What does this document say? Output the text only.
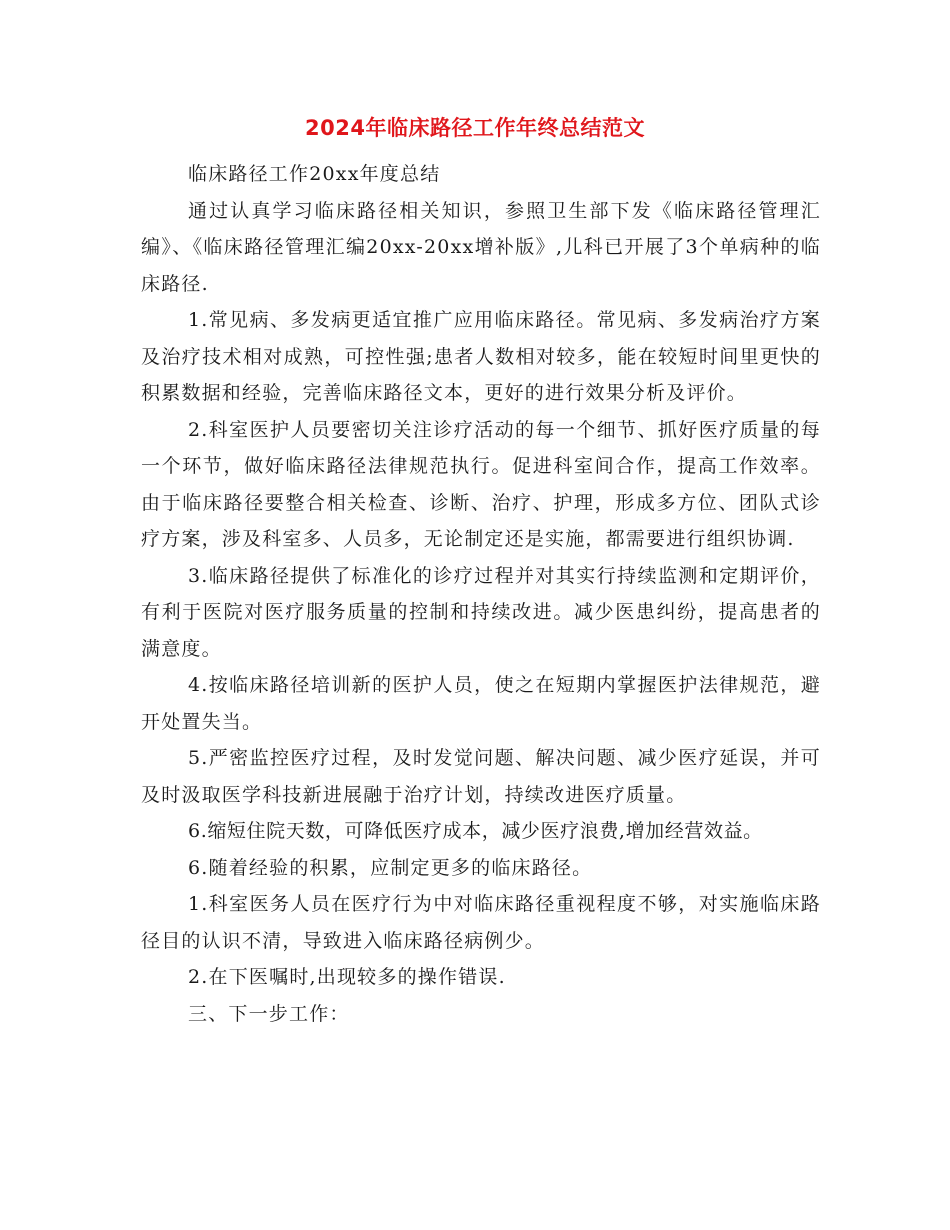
2024年临床路径工作年终总结范文

临床路径工作20xx年度总结

通过认真学习临床路径相关知识，参照卫生部下发《临床路径管理汇编》、《临床路径管理汇编20xx-20xx增补版》,儿科已开展了3个单病种的临床路径.

1.常见病、多发病更适宜推广应用临床路径。常见病、多发病治疗方案及治疗技术相对成熟，可控性强;患者人数相对较多，能在较短时间里更快的积累数据和经验，完善临床路径文本，更好的进行效果分析及评价。

2.科室医护人员要密切关注诊疗活动的每一个细节、抓好医疗质量的每一个环节，做好临床路径法律规范执行。促进科室间合作，提高工作效率。由于临床路径要整合相关检查、诊断、治疗、护理，形成多方位、团队式诊疗方案，涉及科室多、人员多，无论制定还是实施，都需要进行组织协调.

3.临床路径提供了标准化的诊疗过程并对其实行持续监测和定期评价，有利于医院对医疗服务质量的控制和持续改进。减少医患纠纷，提高患者的满意度。

4.按临床路径培训新的医护人员，使之在短期内掌握医护法律规范，避开处置失当。

5.严密监控医疗过程，及时发觉问题、解决问题、减少医疗延误，并可及时汲取医学科技新进展融于治疗计划，持续改进医疗质量。

6.缩短住院天数，可降低医疗成本，减少医疗浪费,增加经营效益。

6.随着经验的积累，应制定更多的临床路径。

1.科室医务人员在医疗行为中对临床路径重视程度不够，对实施临床路径目的认识不清，导致进入临床路径病例少。

2.在下医嘱时,出现较多的操作错误.

三、下一步工作：
